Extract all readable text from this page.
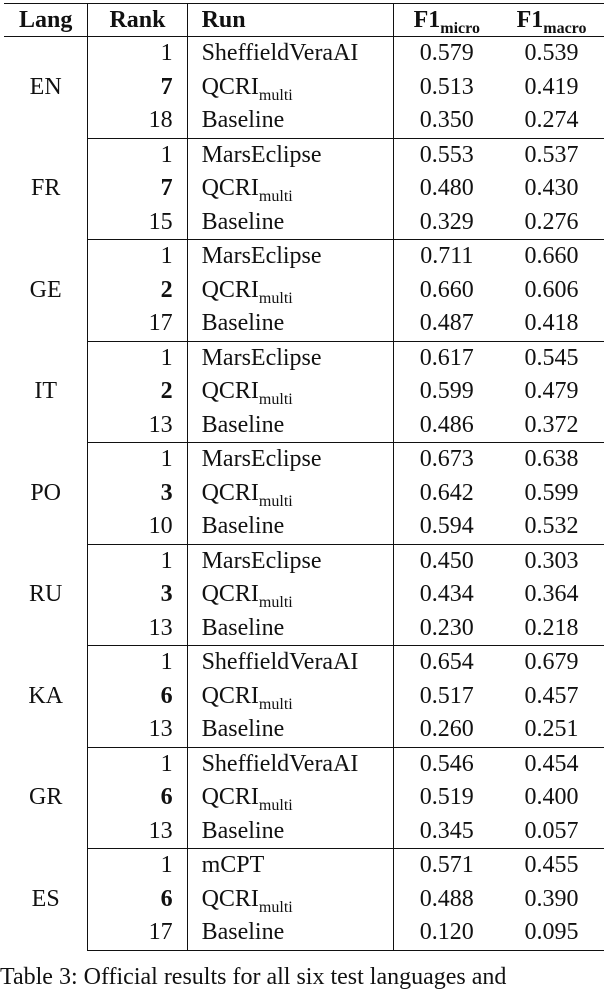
Lang	Rank	Run	$F1_{micro}$	$F1_{macro}$
EN	1	SheffieldVeraAI	0.579	0.539
	7	$QCRI_{multi}$	0.513	0.419
	18	Baseline	0.350	0.274
FR	1	MarsEclipse	0.553	0.537
	7	$QCRI_{multi}$	0.480	0.430
	15	Baseline	0.329	0.276
GE	1	MarsEclipse	0.711	0.660
	2	$QCRI_{multi}$	0.660	0.606
	17	Baseline	0.487	0.418
IT	1	MarsEclipse	0.617	0.545
	2	$QCRI_{multi}$	0.599	0.479
	13	Baseline	0.486	0.372
PO	1	MarsEclipse	0.673	0.638
	3	$QCRI_{multi}$	0.642	0.599
	10	Baseline	0.594	0.532
RU	1	MarsEclipse	0.450	0.303
	3	$QCRI_{multi}$	0.434	0.364
	13	Baseline	0.230	0.218
KA	1	SheffieldVeraAI	0.654	0.679
	6	$QCRI_{multi}$	0.517	0.457
	13	Baseline	0.260	0.251
GR	1	SheffieldVeraAI	0.546	0.454
	6	$QCRI_{multi}$	0.519	0.400
	13	Baseline	0.345	0.057
ES	1	mCPT	0.571	0.455
	6	$QCRI_{multi}$	0.488	0.390
	17	Baseline	0.120	0.095
Table 3: Official results for all six test languages and
